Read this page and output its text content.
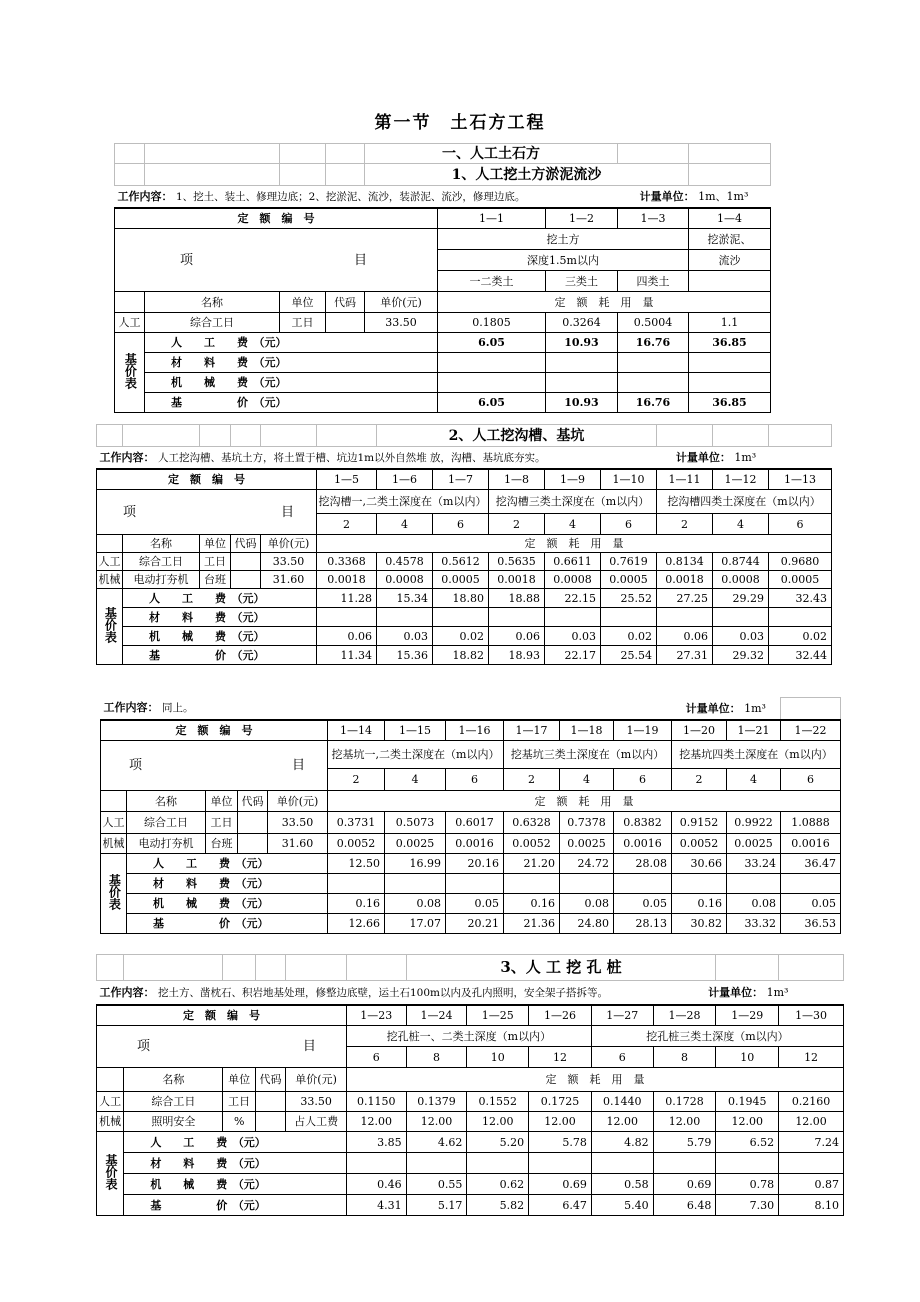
第一节　土石方工程
				一、人工土石方				
				1、人工挖土方淤泥流沙				
工作内容： 1、挖土、装土、修理边底；2、挖淤泥、流沙，装淤泥、流沙，修理边底。							计量单位： 1m、1m³	
定　额　编　号					1—1	1—2	1—3	1—4

项 目					挖土方			挖淤泥、
					深度1.5m以内			流沙
					一二类土	三类土	四类土	
	名称	单位	代码	单价(元)	定　额　耗　用　量			
人工	综合工日	工日		33.50	0.1805	0.3264	0.5004	1.1
基价表	人　　工　　费　（元）				6.05	10.93	16.76	36.85
	材　　料　　费　（元）							
	机　　械　　费　（元）							
	基　　　　　价　（元）				6.05	10.93	16.76	36.85
						2、人工挖沟槽、基坑							
工作内容： 人工挖沟槽、基坑土方，将土置于槽、坑边1m以外自然堆 放，沟槽、基坑底夯实。										计量单位： 1m³			
定　额　编　号					1—5	1—6	1—7	1—8	1—9	1—10	1—11	1—12	1—13

项 目					挖沟槽一,二类土深度在（m以内）			挖沟槽三类土深度在（m以内）			挖沟槽四类土深度在（m以内）		
					2	4	6	2	4	6	2	4	6
	名称	单位	代码	单价(元)	定　额　耗　用　量								
人工	综合工日	工日		33.50	0.3368	0.4578	0.5612	0.5635	0.6611	0.7619	0.8134	0.8744	0.9680
机械	电动打夯机	台班		31.60	0.0018	0.0008	0.0005	0.0018	0.0008	0.0005	0.0018	0.0008	0.0005
基价表	人　　工　　费　（元）				11.28	15.34	18.80	18.88	22.15	25.52	27.25	29.29	32.43
	材　　料　　费　（元）												
	机　　械　　费　（元）				0.06	0.03	0.02	0.06	0.03	0.02	0.06	0.03	0.02
	基　　　　　价　（元）				11.34	15.36	18.82	18.93	22.17	25.54	27.31	29.32	32.44
工作内容： 同上。											计量单位： 1m³		
定　额　编　号					1—14	1—15	1—16	1—17	1—18	1—19	1—20	1—21	1—22

项 目					挖基坑一,二类土深度在（m以内）			挖基坑三类土深度在（m以内）			挖基坑四类土深度在（m以内）		
					2	4	6	2	4	6	2	4	6
	名称	单位	代码	单价(元)	定　额　耗　用　量								
人工	综合工日	工日		33.50	0.3731	0.5073	0.6017	0.6328	0.7378	0.8382	0.9152	0.9922	1.0888
机械	电动打夯机	台班		31.60	0.0052	0.0025	0.0016	0.0052	0.0025	0.0016	0.0052	0.0025	0.0016
基价表	人　　工　　费　（元）				12.50	16.99	20.16	21.20	24.72	28.08	30.66	33.24	36.47
	材　　料　　费　（元）												
	机　　械　　费　（元）				0.16	0.08	0.05	0.16	0.08	0.05	0.16	0.08	0.05
	基　　　　　价　（元）				12.66	17.07	20.21	21.36	24.80	28.13	30.82	33.32	36.53
						3、人 工 挖 孔 桩						
工作内容： 挖土方、凿枕石、积岩地基处理，修整边底壁，运土石100m以内及孔内照明，安全架子搭拆等。										计量单位： 1m³		
定　额　编　号					1—23	1—24	1—25	1—26	1—27	1—28	1—29	1—30

项 目					挖孔桩一、二类土深度（m以内）				挖孔桩三类土深度（m以内）			
					6	8	10	12	6	8	10	12
	名称	单位	代码	单价(元)	定　额　耗　用　量							
人工	综合工日	工日		33.50	0.1150	0.1379	0.1552	0.1725	0.1440	0.1728	0.1945	0.2160
机械	照明安全	%		占人工费	12.00	12.00	12.00	12.00	12.00	12.00	12.00	12.00
基价表	人　　工　　费　（元）				3.85	4.62	5.20	5.78	4.82	5.79	6.52	7.24
	材　　料　　费　（元）											
	机　　械　　费　（元）				0.46	0.55	0.62	0.69	0.58	0.69	0.78	0.87
	基　　　　　价　（元）				4.31	5.17	5.82	6.47	5.40	6.48	7.30	8.10
